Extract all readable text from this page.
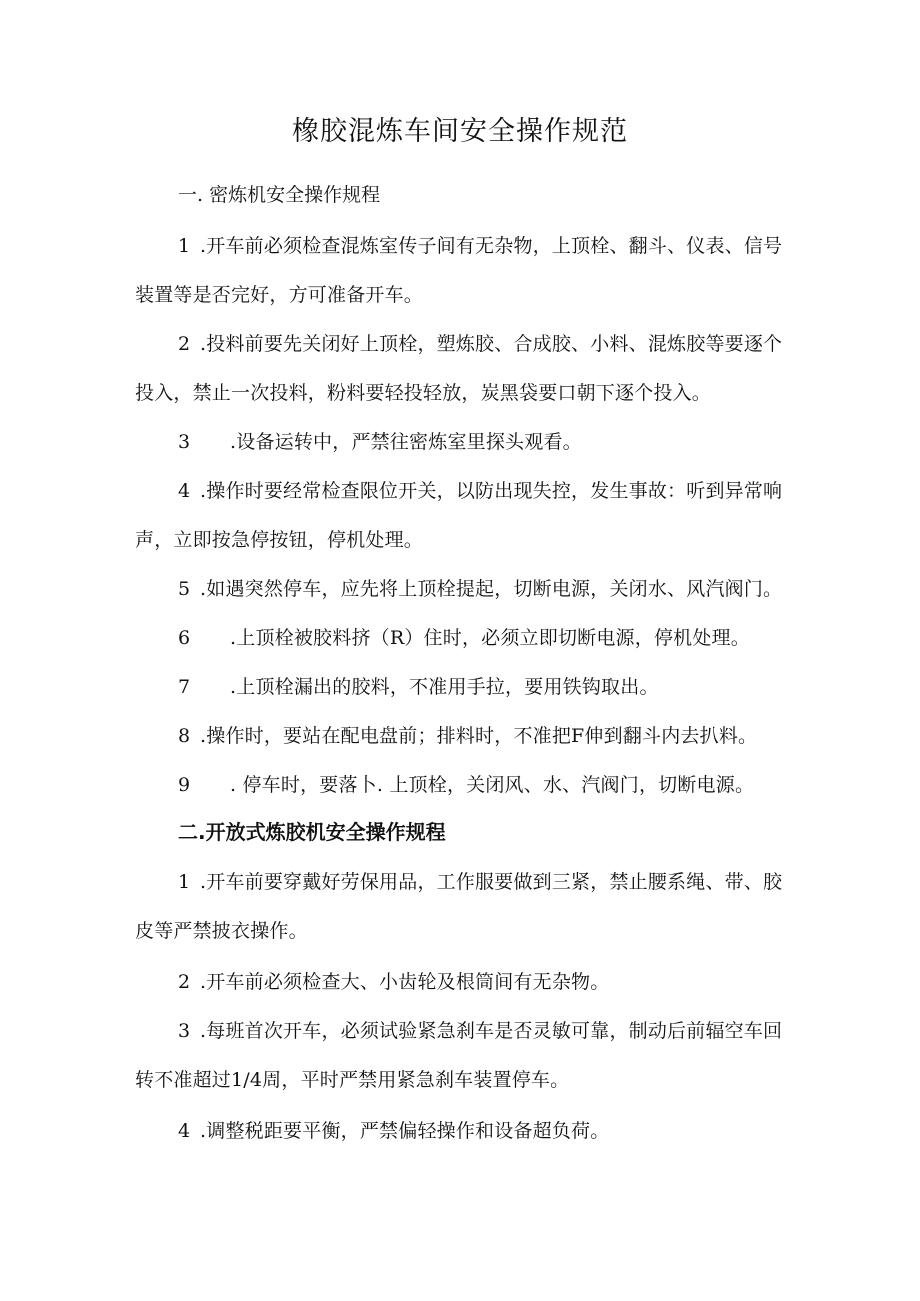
橡胶混炼车间安全操作规范
一. 密炼机安全操作规程

1 .开车前必须检查混炼室传子间有无杂物，上顶栓、翻斗、仪表、信号装置等是否完好，方可准备开车。

2 .投料前要先关闭好上顶栓，塑炼胶、合成胶、小料、混炼胶等要逐个投入，禁止一次投料，粉料要轻投轻放，炭黑袋要口朝下逐个投入。

3 .设备运转中，严禁往密炼室里探头观看。

4 .操作时要经常检查限位开关，以防出现失控，发生事故：听到异常响声，立即按急停按钮，停机处理。

5 .如遇突然停车，应先将上顶栓提起，切断电源，关闭水、风汽阀门。

6 .上顶栓被胶料挤（R）住时，必须立即切断电源，停机处理。

7 .上顶栓漏出的胶料，不准用手拉，要用铁钩取出。

8 .操作时，要站在配电盘前；排料时，不准把F伸到翻斗内去扒料。

9 . 停车时，要落卜. 上顶栓，关闭风、水、汽阀门，切断电源。

二.开放式炼胶机安全操作规程

1 .开车前要穿戴好劳保用品，工作服要做到三紧，禁止腰系绳、带、胶皮等严禁披衣操作。

2 .开车前必须检查大、小齿轮及根筒间有无杂物。

3 .每班首次开车，必须试验紧急刹车是否灵敏可靠，制动后前辐空车回转不准超过1/4周，平时严禁用紧急刹车装置停车。

4 .调整税距要平衡，严禁偏轻操作和设备超负荷。
